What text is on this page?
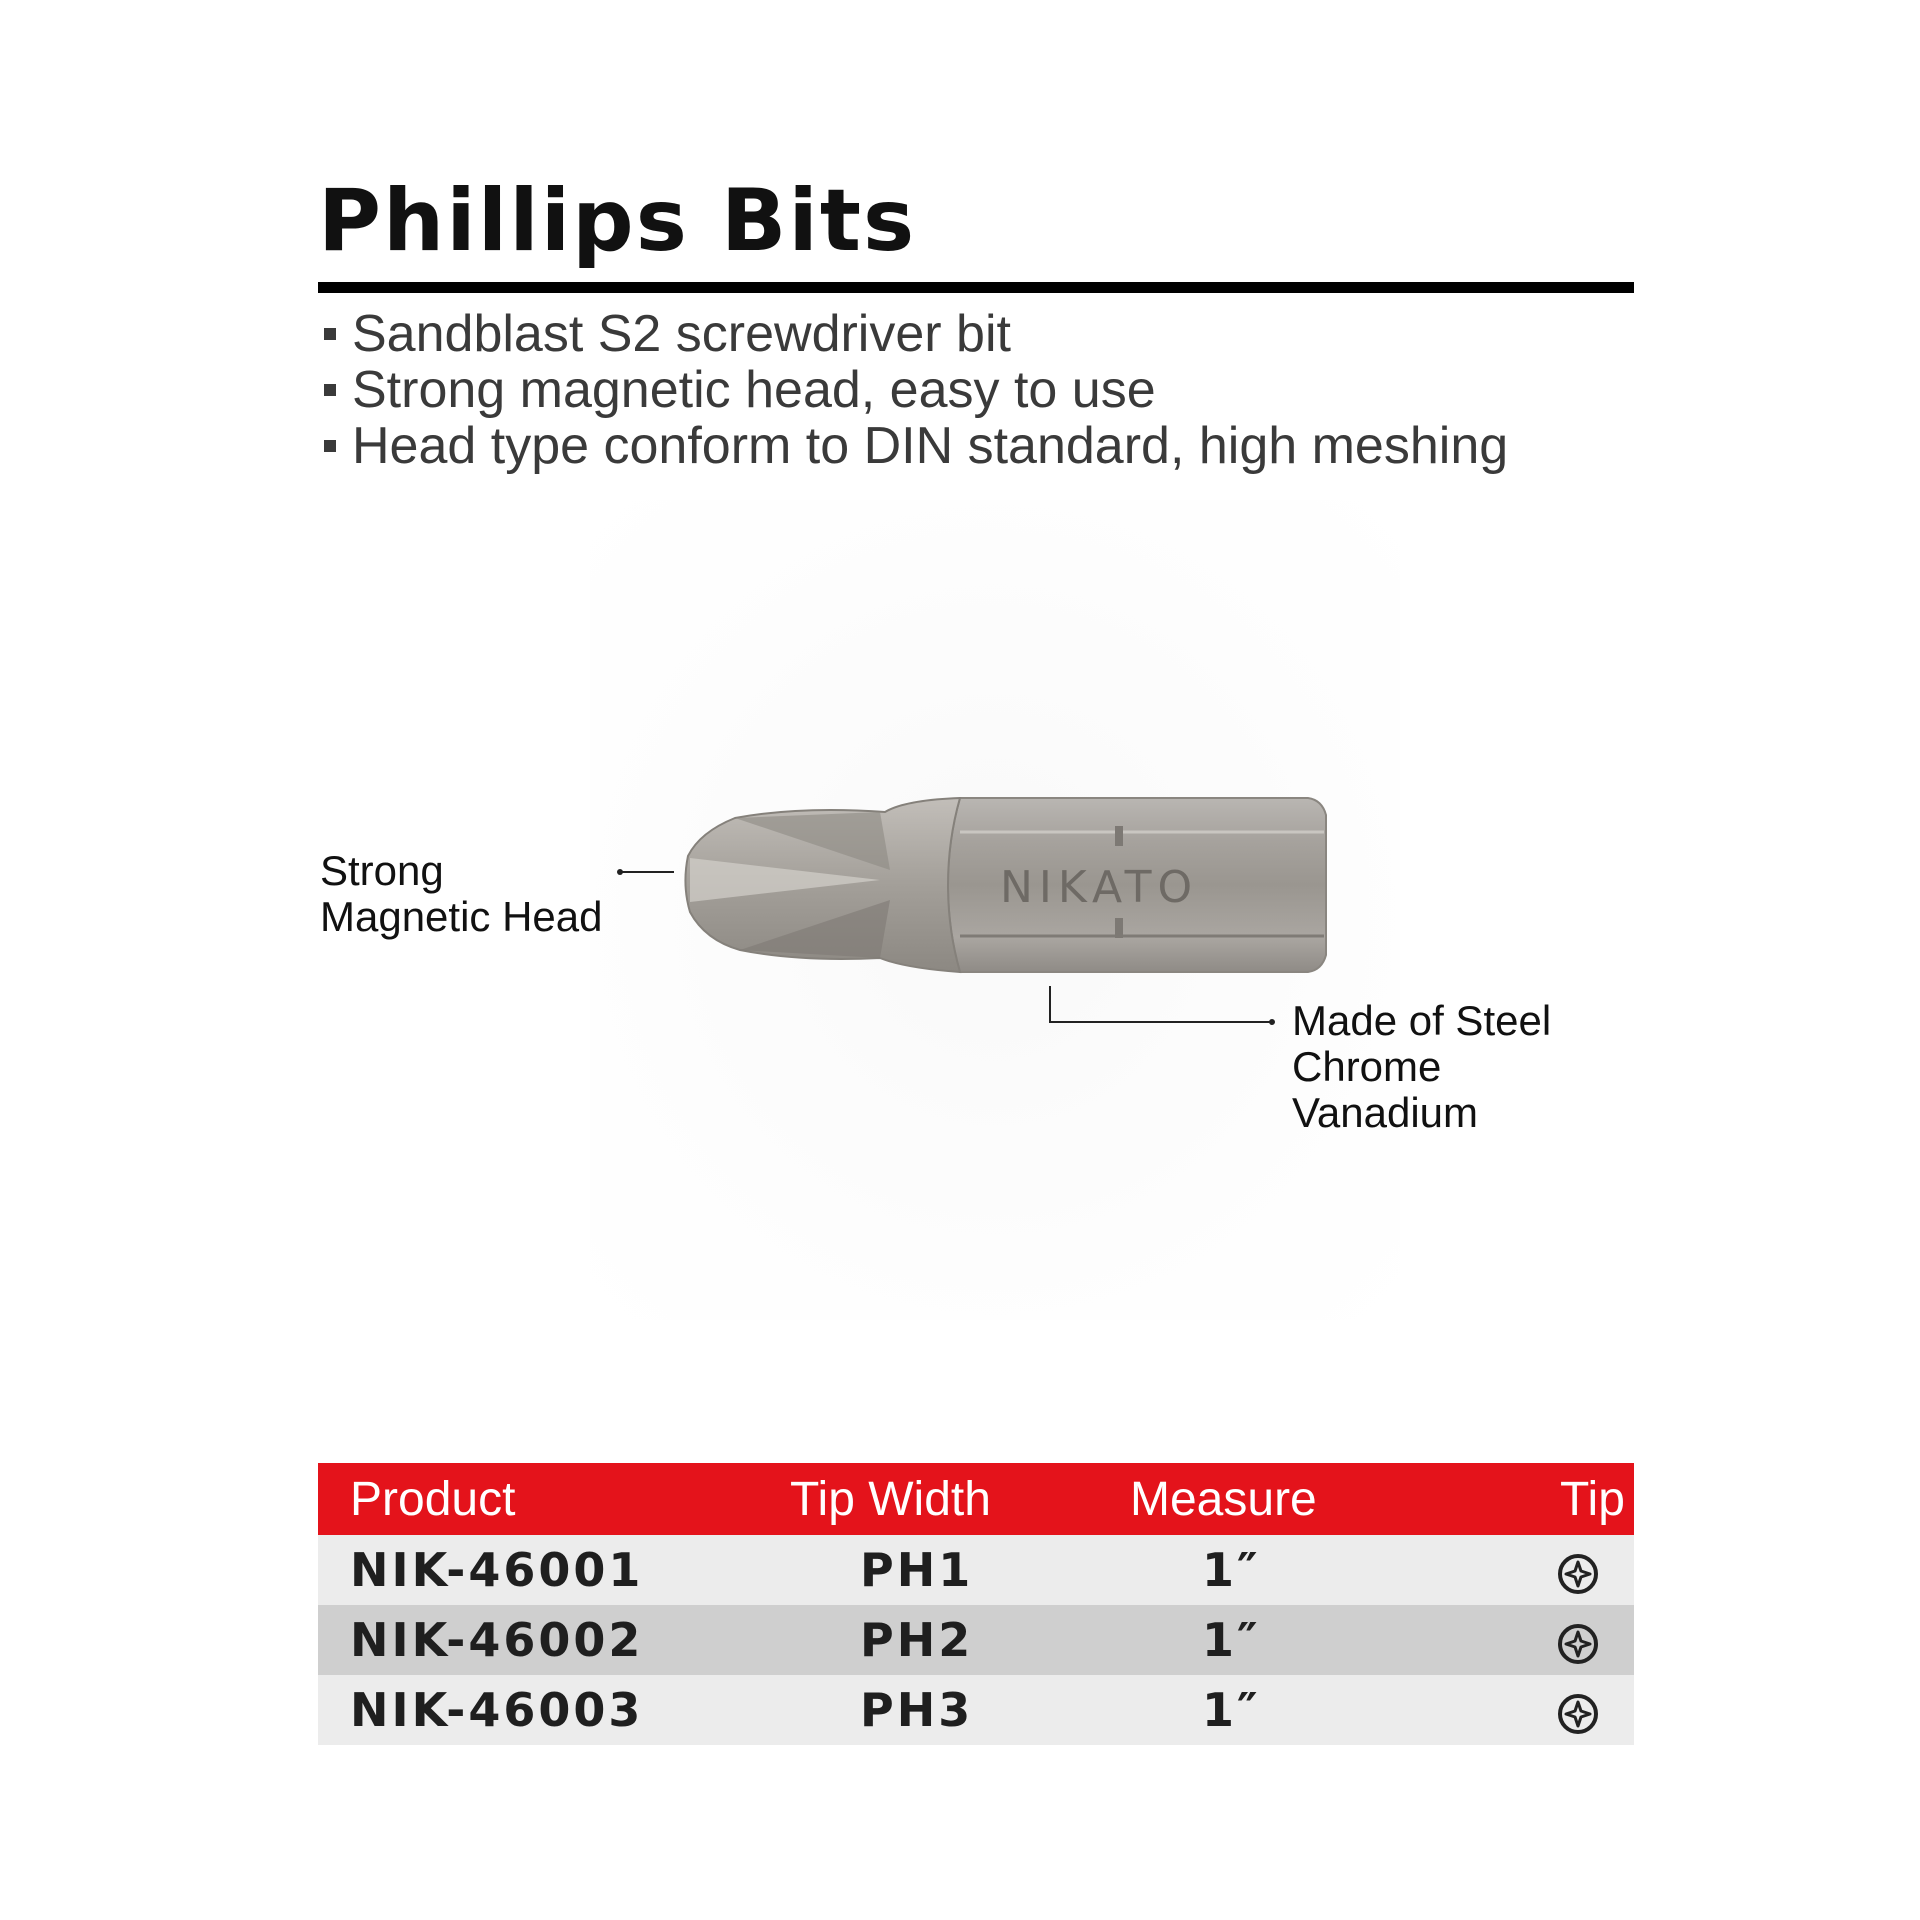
Phillips Bits
Sandblast S2 screwdriver bit
Strong magnetic head, easy to use
Head type conform to DIN standard, high meshing
NIKATO
Strong
Magnetic Head
Made of Steel
Chrome
Vanadium
Product	Tip Width	Measure	Tip
NIK-46001	PH1	1″	
NIK-46002	PH2	1″	
NIK-46003	PH3	1″	
